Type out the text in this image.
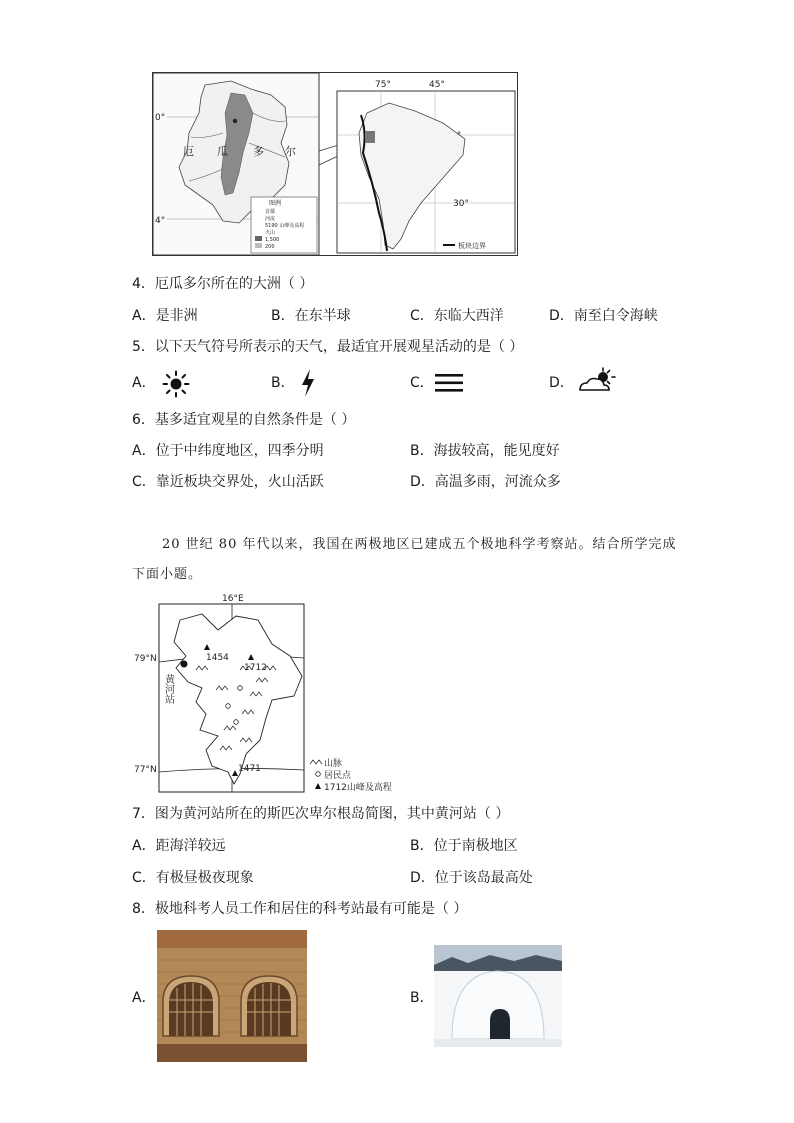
0°
4°
厄 瓜 多 尔
图例
首都
河流
5190 山峰及高程
火山
1,500
200
75°	45°
30°
板块边界
4．厄瓜多尔所在的大洲（ ）
A．是非洲	B．在东半球	C．东临大西洋	D．南至白令海峡
5．以下天气符号所表示的天气，最适宜开展观星活动的是（ ）
A．	B．	C．	D．
6．基多适宜观星的自然条件是（ ）
A．位于中纬度地区，四季分明	B．海拔较高，能见度好
C．靠近板块交界处，火山活跃	D．高温多雨，河流众多
20 世纪 80 年代以来，我国在两极地区已建成五个极地科学考察站。结合所学完成
下面小题。
16°E
79°N
77°N
黄河站
1454
1712
1471	山脉
居民点
1712山峰及高程
7．图为黄河站所在的斯匹次卑尔根岛简图，其中黄河站（ ）
A．距海洋较远	B．位于南极地区
C．有极昼极夜现象	D．位于该岛最高处
8．极地科考人员工作和居住的科考站最有可能是（ ）
A．	B．
